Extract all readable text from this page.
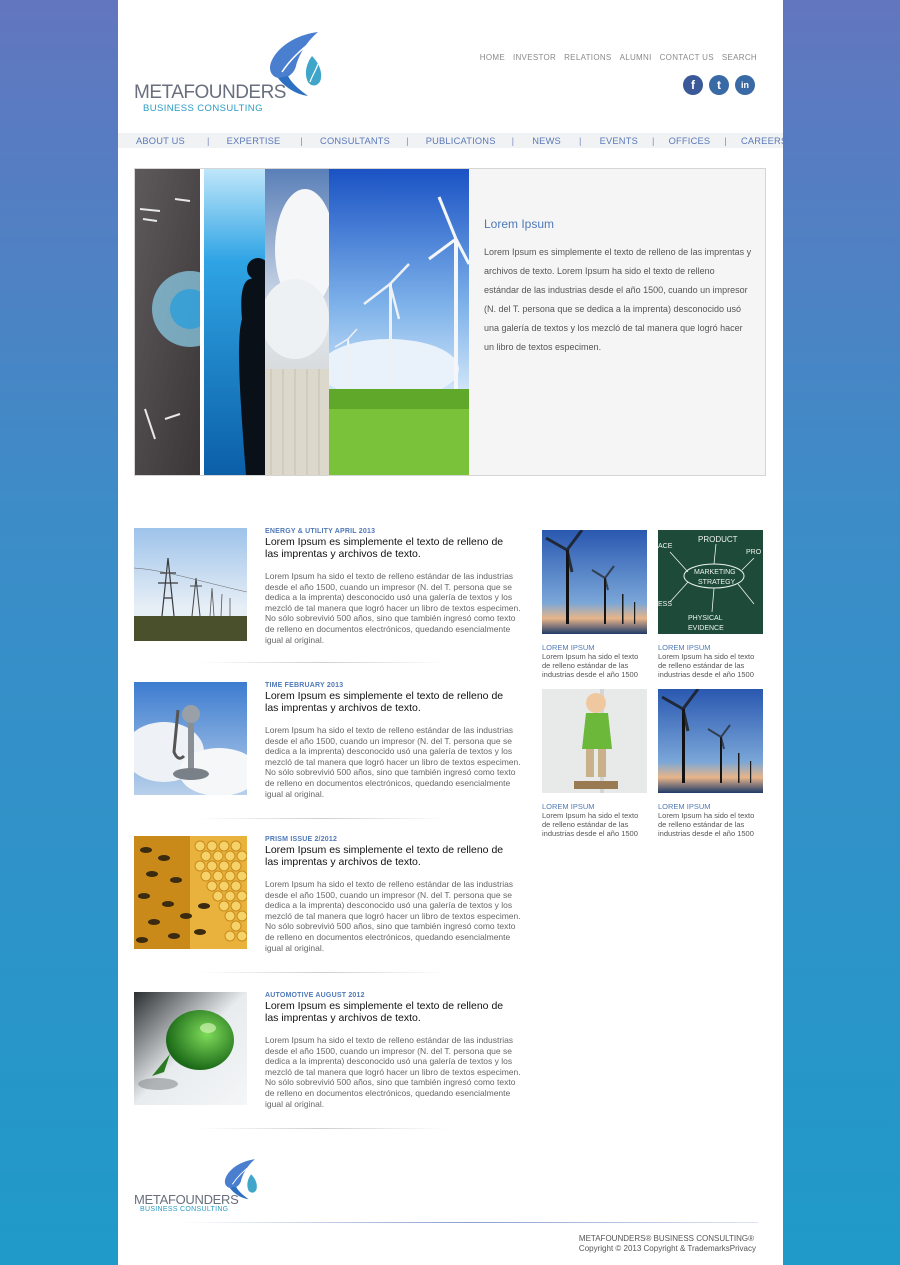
METAFOUNDERS
BUSINESS CONSULTING
HOME INVESTOR RELATIONS ALUMNI CONTACT US SEARCH
f	t	in
ABOUT US | EXPERTISE | CONSULTANTS | PUBLICATIONS | NEWS | EVENTS | OFFICES | CAREERS
Lorem Ipsum
Lorem Ipsum es simplemente el texto de relleno de las imprentas y archivos de texto. Lorem Ipsum ha sido el texto de relleno estándar de las industrias desde el año 1500, cuando un impresor (N. del T. persona que se dedica a la imprenta) desconocido usó una galería de textos y los mezcló de tal manera que logró hacer un libro de textos especimen.
ENERGY & UTILITY APRIL 2013
Lorem Ipsum es simplemente el texto de relleno de las imprentas y archivos de texto.
Lorem Ipsum ha sido el texto de relleno estándar de las industrias desde el año 1500, cuando un impresor (N. del T. persona que se dedica a la imprenta) desconocido usó una galería de textos y los mezcló de tal manera que logró hacer un libro de textos especimen. No sólo sobrevivió 500 años, sino que también ingresó como texto de relleno en documentos electrónicos, quedando esencialmente igual al original.
TIME FEBRUARY 2013
Lorem Ipsum es simplemente el texto de relleno de las imprentas y archivos de texto.
Lorem Ipsum ha sido el texto de relleno estándar de las industrias desde el año 1500, cuando un impresor (N. del T. persona que se dedica a la imprenta) desconocido usó una galería de textos y los mezcló de tal manera que logró hacer un libro de textos especimen. No sólo sobrevivió 500 años, sino que también ingresó como texto de relleno en documentos electrónicos, quedando esencialmente igual al original.
PRISM ISSUE 2/2012
Lorem Ipsum es simplemente el texto de relleno de las imprentas y archivos de texto.
Lorem Ipsum ha sido el texto de relleno estándar de las industrias desde el año 1500, cuando un impresor (N. del T. persona que se dedica a la imprenta) desconocido usó una galería de textos y los mezcló de tal manera que logró hacer un libro de textos especimen. No sólo sobrevivió 500 años, sino que también ingresó como texto de relleno en documentos electrónicos, quedando esencialmente igual al original.
AUTOMOTIVE AUGUST 2012
Lorem Ipsum es simplemente el texto de relleno de las imprentas y archivos de texto.
Lorem Ipsum ha sido el texto de relleno estándar de las industrias desde el año 1500, cuando un impresor (N. del T. persona que se dedica a la imprenta) desconocido usó una galería de textos y los mezcló de tal manera que logró hacer un libro de textos especimen. No sólo sobrevivió 500 años, sino que también ingresó como texto de relleno en documentos electrónicos, quedando esencialmente igual al original.
LOREM IPSUM
Lorem Ipsum ha sido el texto de relleno estándar de las industrias desde el año 1500
PRODUCT
ACE
PRO
MARKETING
STRATEGY
ESS
PHYSICAL
EVIDENCE
LOREM IPSUM
Lorem Ipsum ha sido el texto de relleno estándar de las industrias desde el año 1500
LOREM IPSUM
Lorem Ipsum ha sido el texto de relleno estándar de las industrias desde el año 1500
LOREM IPSUM
Lorem Ipsum ha sido el texto de relleno estándar de las industrias desde el año 1500
METAFOUNDERS
BUSINESS CONSULTING
METAFOUNDERS® BUSINESS CONSULTING®
Copyright © 2013 Copyright & TrademarksPrivacy
